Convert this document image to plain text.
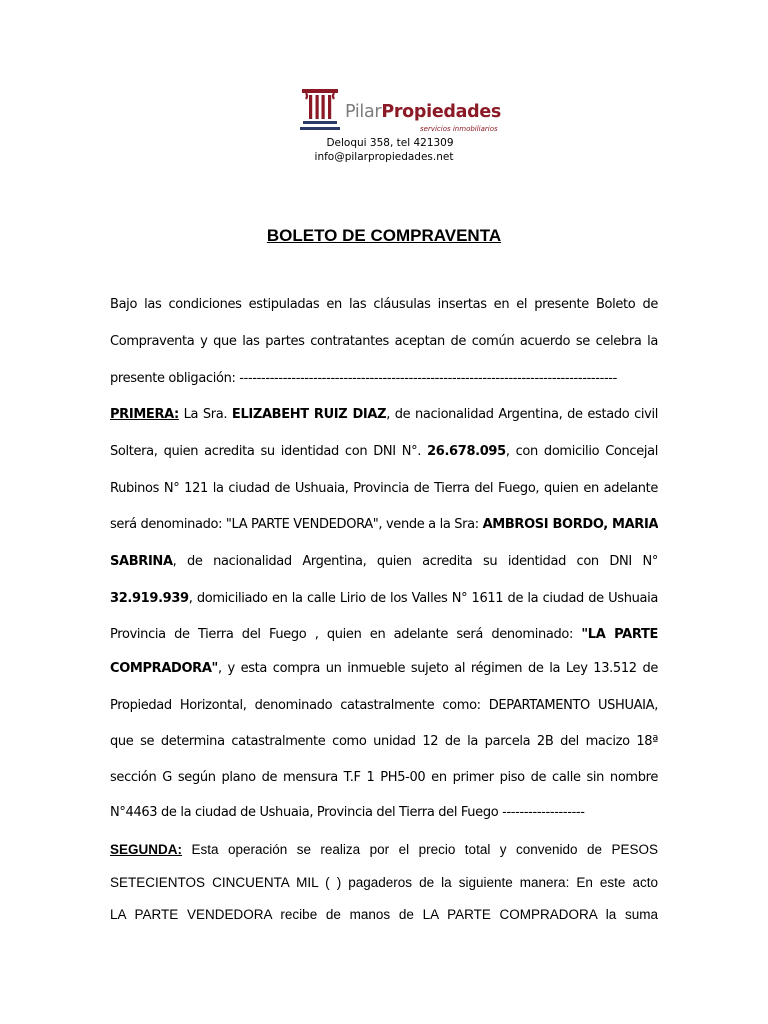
PilarPropiedades
servicios inmobiliarios
Deloqui 358, tel 421309
info@pilarpropiedades.net
BOLETO DE COMPRAVENTA
Bajo las condiciones estipuladas en las cláusulas insertas en el presente Boleto de
Compraventa y que las partes contratantes aceptan de común acuerdo se celebra la
presente obligación: ---------------------------------------------------------------------------------------
PRIMERA: La Sra. ELIZABEHT RUIZ DIAZ, de nacionalidad Argentina, de estado civil
Soltera, quien acredita su identidad con DNI N°. 26.678.095, con domicilio Concejal
Rubinos N° 121 la ciudad de Ushuaia, Provincia de Tierra del Fuego, quien en adelante
será denominado: "LA PARTE VENDEDORA", vende a la Sra: AMBROSI BORDO, MARIA
SABRINA, de nacionalidad Argentina, quien acredita su identidad con DNI N°
32.919.939, domiciliado en la calle Lirio de los Valles N° 1611 de la ciudad de Ushuaia
Provincia de Tierra del Fuego , quien en adelante será denominado: "LA PARTE
COMPRADORA", y esta compra un inmueble sujeto al régimen de la Ley 13.512 de
Propiedad Horizontal, denominado catastralmente como: DEPARTAMENTO USHUAIA,
que se determina catastralmente como unidad 12 de la parcela 2B del macizo 18ª
sección G según plano de mensura T.F 1 PH5-00 en primer piso de calle sin nombre
N°4463 de la ciudad de Ushuaia, Provincia del Tierra del Fuego -------------------
SEGUNDA: Esta operación se realiza por el precio total y convenido de PESOS
SETECIENTOS CINCUENTA MIL ( ) pagaderos de la siguiente manera: En este acto
LA PARTE VENDEDORA recibe de manos de LA PARTE COMPRADORA la suma
